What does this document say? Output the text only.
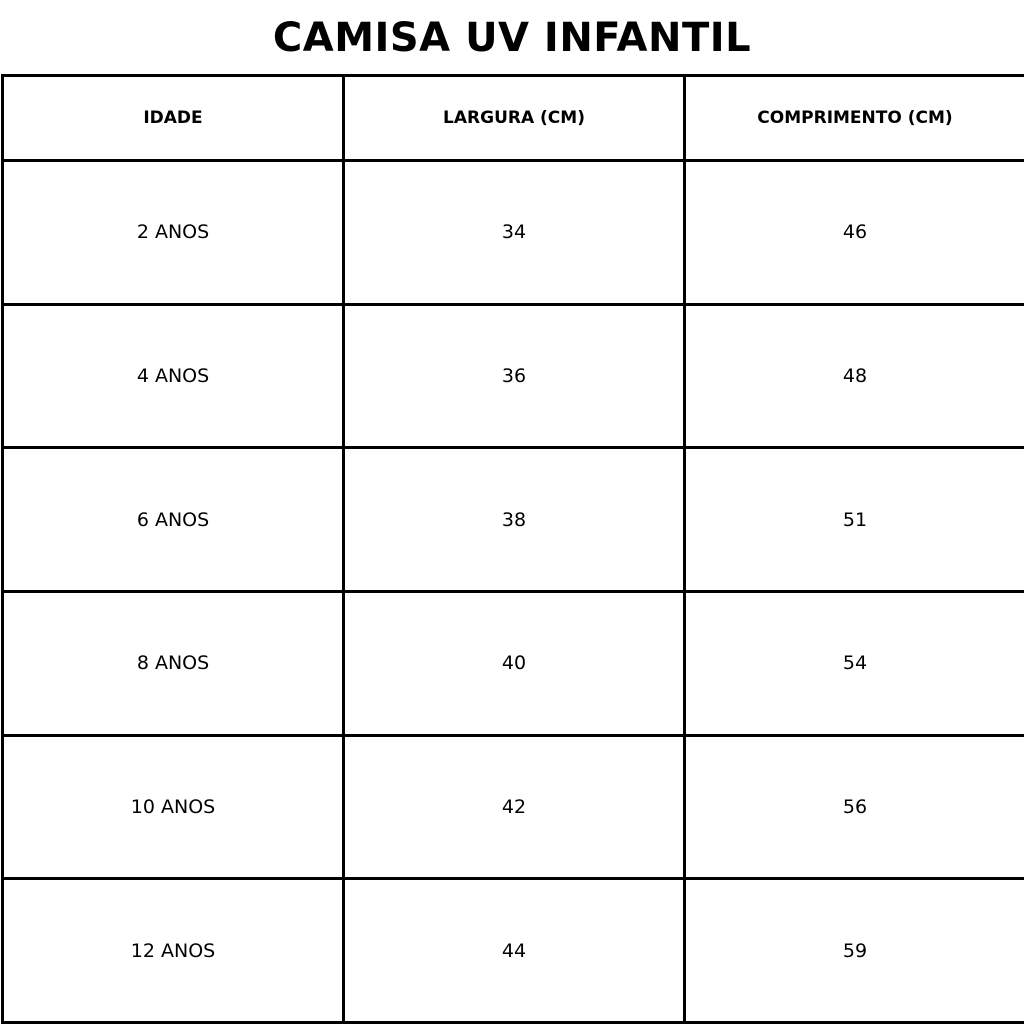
CAMISA UV INFANTIL
IDADE	LARGURA (CM)	COMPRIMENTO (CM)
2 ANOS	34	46
4 ANOS	36	48
6 ANOS	38	51
8 ANOS	40	54
10 ANOS	42	56
12 ANOS	44	59
